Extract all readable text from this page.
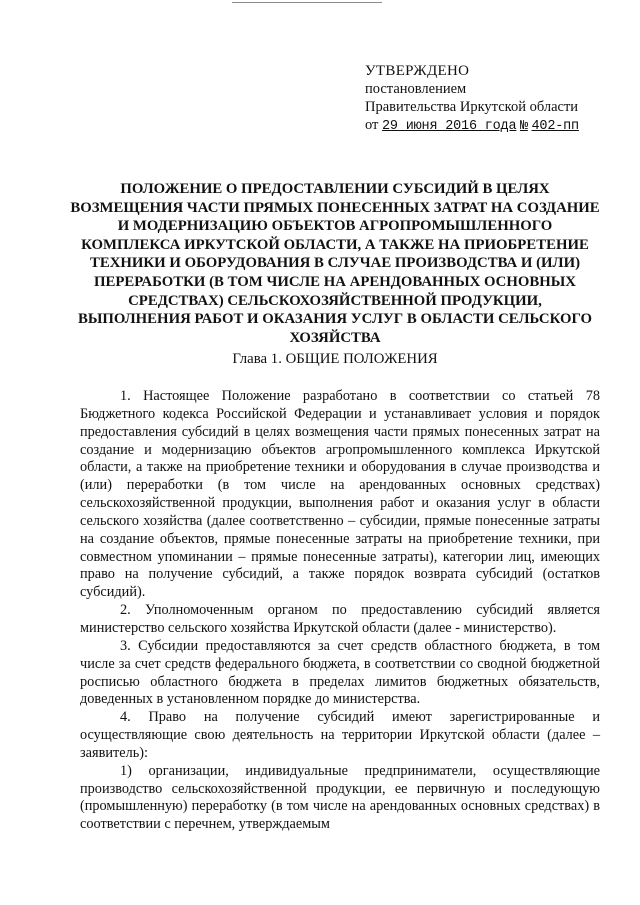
УТВЕРЖДЕНО
постановлением
Правительства Иркутской области
от 29 июня 2016 года № 402-пп
ПОЛОЖЕНИЕ О ПРЕДОСТАВЛЕНИИ СУБСИДИЙ В ЦЕЛЯХ ВОЗМЕЩЕНИЯ ЧАСТИ ПРЯМЫХ ПОНЕСЕННЫХ ЗАТРАТ НА СОЗДАНИЕ И МОДЕРНИЗАЦИЮ ОБЪЕКТОВ АГРОПРОМЫШЛЕННОГО КОМПЛЕКСА ИРКУТСКОЙ ОБЛАСТИ, А ТАКЖЕ НА ПРИОБРЕТЕНИЕ ТЕХНИКИ И ОБОРУДОВАНИЯ В СЛУЧАЕ ПРОИЗВОДСТВА И (ИЛИ) ПЕРЕРАБОТКИ (В ТОМ ЧИСЛЕ НА АРЕНДОВАННЫХ ОСНОВНЫХ СРЕДСТВАХ) СЕЛЬСКОХОЗЯЙСТВЕННОЙ ПРОДУКЦИИ, ВЫПОЛНЕНИЯ РАБОТ И ОКАЗАНИЯ УСЛУГ В ОБЛАСТИ СЕЛЬСКОГО ХОЗЯЙСТВА
Глава 1. ОБЩИЕ ПОЛОЖЕНИЯ

1. Настоящее Положение разработано в соответствии со статьей 78 Бюджетного кодекса Российской Федерации и устанавливает условия и порядок предоставления субсидий в целях возмещения части прямых понесенных затрат на создание и модернизацию объектов агропромышленного комплекса Иркутской области, а также на приобретение техники и оборудования в случае производства и (или) переработки (в том числе на арендованных основных средствах) сельскохозяйственной продукции, выполнения работ и оказания услуг в области сельского хозяйства (далее соответственно – субсидии, прямые понесенные затраты на создание объектов, прямые понесенные затраты на приобретение техники, при совместном упоминании – прямые понесенные затраты), категории лиц, имеющих право на получение субсидий, а также порядок возврата субсидий (остатков субсидий).

2. Уполномоченным органом по предоставлению субсидий является министерство сельского хозяйства Иркутской области (далее - министерство).

3. Субсидии предоставляются за счет средств областного бюджета, в том числе за счет средств федерального бюджета, в соответствии со сводной бюджетной росписью областного бюджета в пределах лимитов бюджетных обязательств, доведенных в установленном порядке до министерства.

4. Право на получение субсидий имеют зарегистрированные и осуществляющие свою деятельность на территории Иркутской области (далее – заявитель):

1) организации, индивидуальные предприниматели, осуществляющие производство сельскохозяйственной продукции, ее первичную и последующую (промышленную) переработку (в том числе на арендованных основных средствах) в соответствии с перечнем, утверждаемым
